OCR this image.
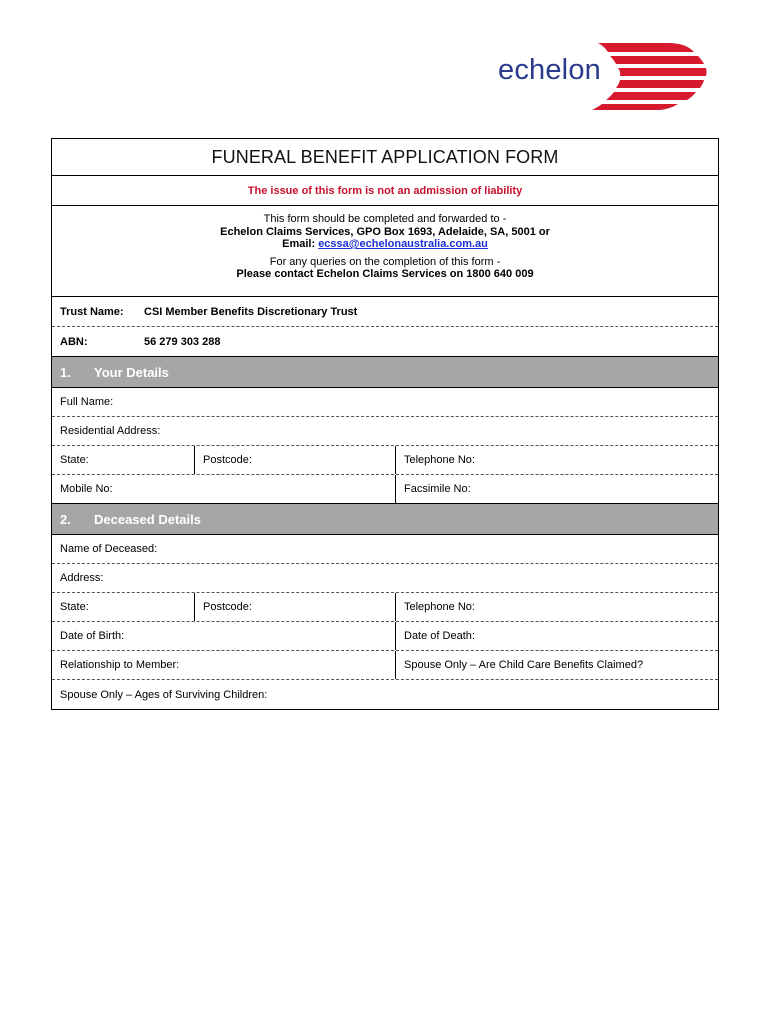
echelon
FUNERAL BENEFIT APPLICATION FORM
The issue of this form is not an admission of liability
This form should be completed and forwarded to -
Echelon Claims Services, GPO Box 1693, Adelaide, SA, 5001 or
Email: ecssa@echelonaustralia.com.au
For any queries on the completion of this form -
Please contact Echelon Claims Services on 1800 640 009
Trust Name:	CSI Member Benefits Discretionary Trust
ABN:	56 279 303 288
1.	Your Details
Full Name:
Residential Address:
State:	Postcode:	Telephone No:
Mobile No:	Facsimile No:
2.	Deceased Details
Name of Deceased:
Address:
State:	Postcode:	Telephone No:
Date of Birth:	Date of Death:
Relationship to Member:	Spouse Only – Are Child Care Benefits Claimed?
Spouse Only – Ages of Surviving Children:
